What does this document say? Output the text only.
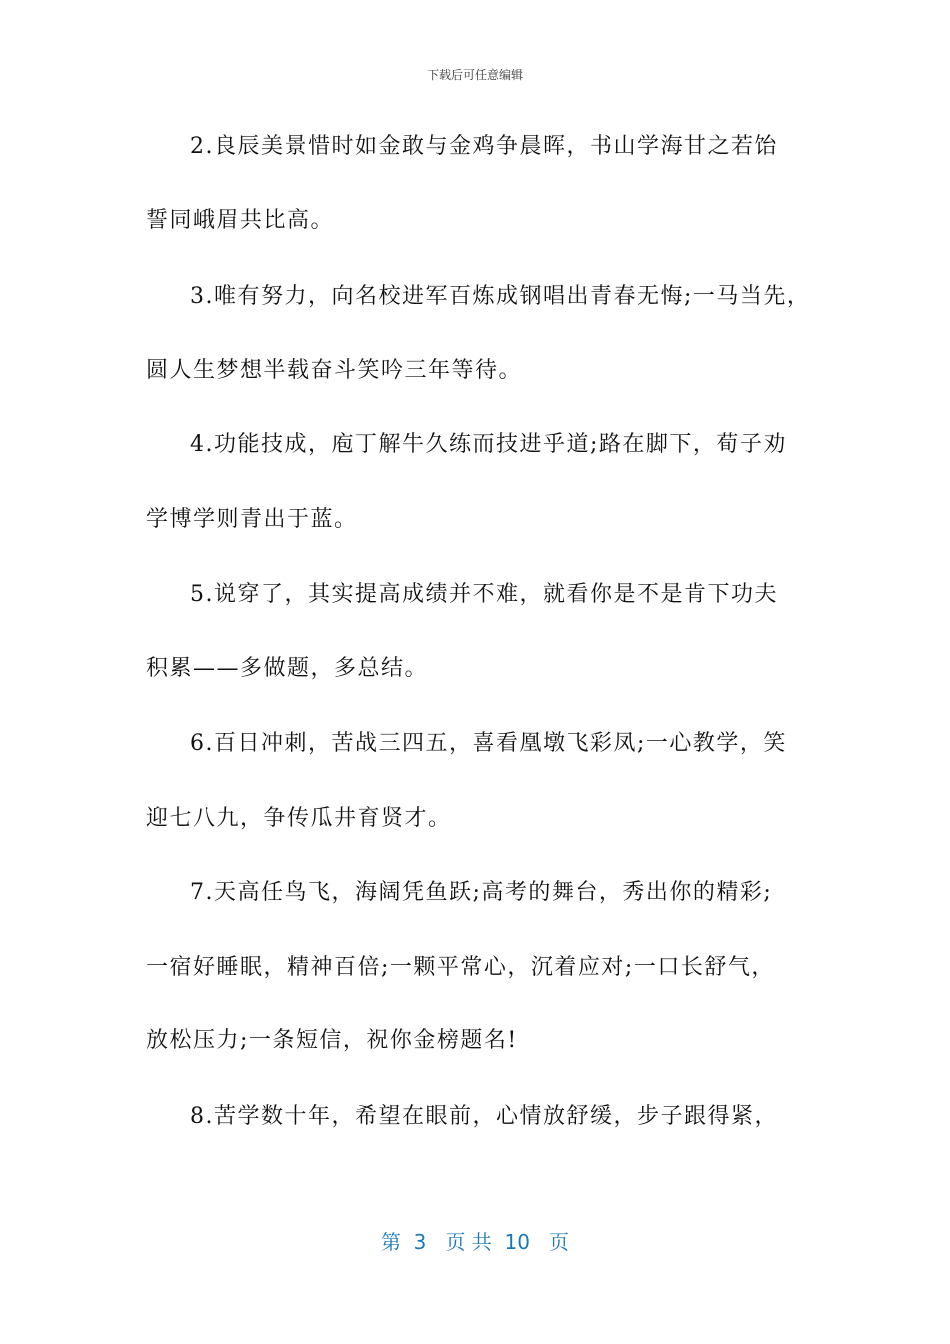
下载后可任意编辑
2.良辰美景惜时如金敢与金鸡争晨晖，书山学海甘之若饴
誓同峨眉共比高。
3.唯有努力，向名校进军百炼成钢唱出青春无悔;一马当先，
圆人生梦想半载奋斗笑吟三年等待。
4.功能技成，庖丁解牛久练而技进乎道;路在脚下，荀子劝
学博学则青出于蓝。
5.说穿了，其实提高成绩并不难，就看你是不是肯下功夫
积累——多做题，多总结。
6.百日冲刺，苦战三四五，喜看凰墩飞彩凤;一心教学，笑
迎七八九，争传瓜井育贤才。
7.天高任鸟飞，海阔凭鱼跃;高考的舞台，秀出你的精彩;
一宿好睡眠，精神百倍;一颗平常心，沉着应对;一口长舒气，
放松压力;一条短信，祝你金榜题名!
8.苦学数十年，希望在眼前，心情放舒缓，步子跟得紧，
第  3   页 共  10   页
